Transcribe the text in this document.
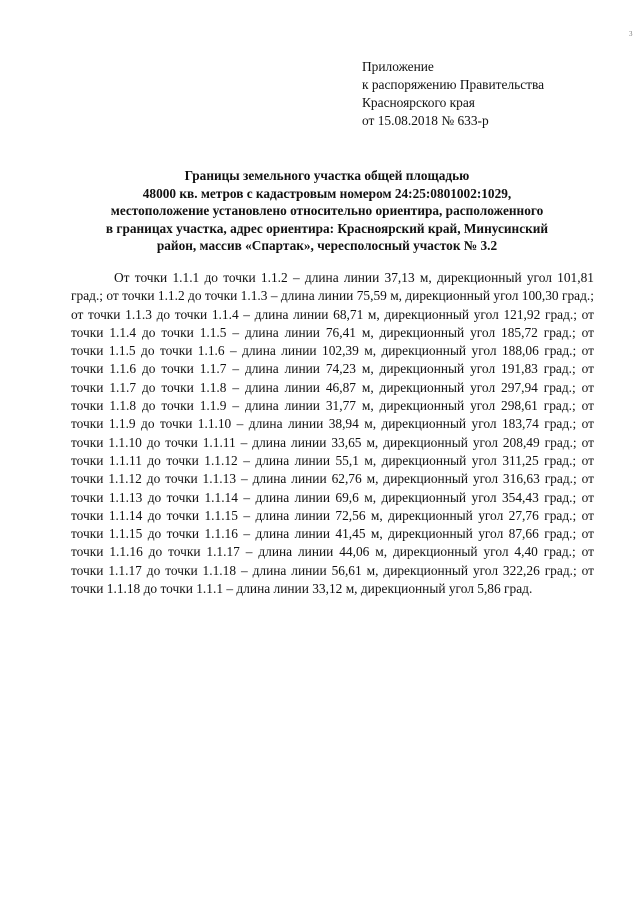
3
Приложение
к распоряжению Правительства
Красноярского края
от 15.08.2018 № 633-р
Границы земельного участка общей площадью
48000 кв. метров с кадастровым номером 24:25:0801002:1029,
местоположение установлено относительно ориентира, расположенного
в границах участка, адрес ориентира: Красноярский край, Минусинский
район, массив «Спартак», чересполосный участок № 3.2

От точки 1.1.1 до точки 1.1.2 – длина линии 37,13 м, дирекционный угол 101,81 град.; от точки 1.1.2 до точки 1.1.3 – длина линии 75,59 м, дирекционный угол 100,30 град.; от точки 1.1.3 до точки 1.1.4 – длина линии 68,71 м, дирекционный угол 121,92 град.; от точки 1.1.4 до точки 1.1.5 – длина линии 76,41 м, дирекционный угол 185,72 град.; от точки 1.1.5 до точки 1.1.6 – длина линии 102,39 м, дирекционный угол 188,06 град.; от точки 1.1.6 до точки 1.1.7 – длина линии 74,23 м, дирекционный угол 191,83 град.; от точки 1.1.7 до точки 1.1.8 – длина линии 46,87 м, дирекционный угол 297,94 град.; от точки 1.1.8 до точки 1.1.9 – длина линии 31,77 м, дирекционный угол 298,61 град.; от точки 1.1.9 до точки 1.1.10 – длина линии 38,94 м, дирекционный угол 183,74 град.; от точки 1.1.10 до точки 1.1.11 – длина линии 33,65 м, дирекционный угол 208,49 град.; от точки 1.1.11 до точки 1.1.12 – длина линии 55,1 м, дирекционный угол 311,25 град.; от точки 1.1.12 до точки 1.1.13 – длина линии 62,76 м, дирекционный угол 316,63 град.; от точки 1.1.13 до точки 1.1.14 – длина линии 69,6 м, дирекционный угол 354,43 град.; от точки 1.1.14 до точки 1.1.15 – длина линии 72,56 м, дирекционный угол 27,76 град.; от точки 1.1.15 до точки 1.1.16 – длина линии 41,45 м, дирекционный угол 87,66 град.; от точки 1.1.16 до точки 1.1.17 – длина линии 44,06 м, дирекционный угол 4,40 град.; от точки 1.1.17 до точки 1.1.18 – длина линии 56,61 м, дирекционный угол 322,26 град.; от точки 1.1.18 до точки 1.1.1 – длина линии 33,12 м, дирекционный угол 5,86 град.
